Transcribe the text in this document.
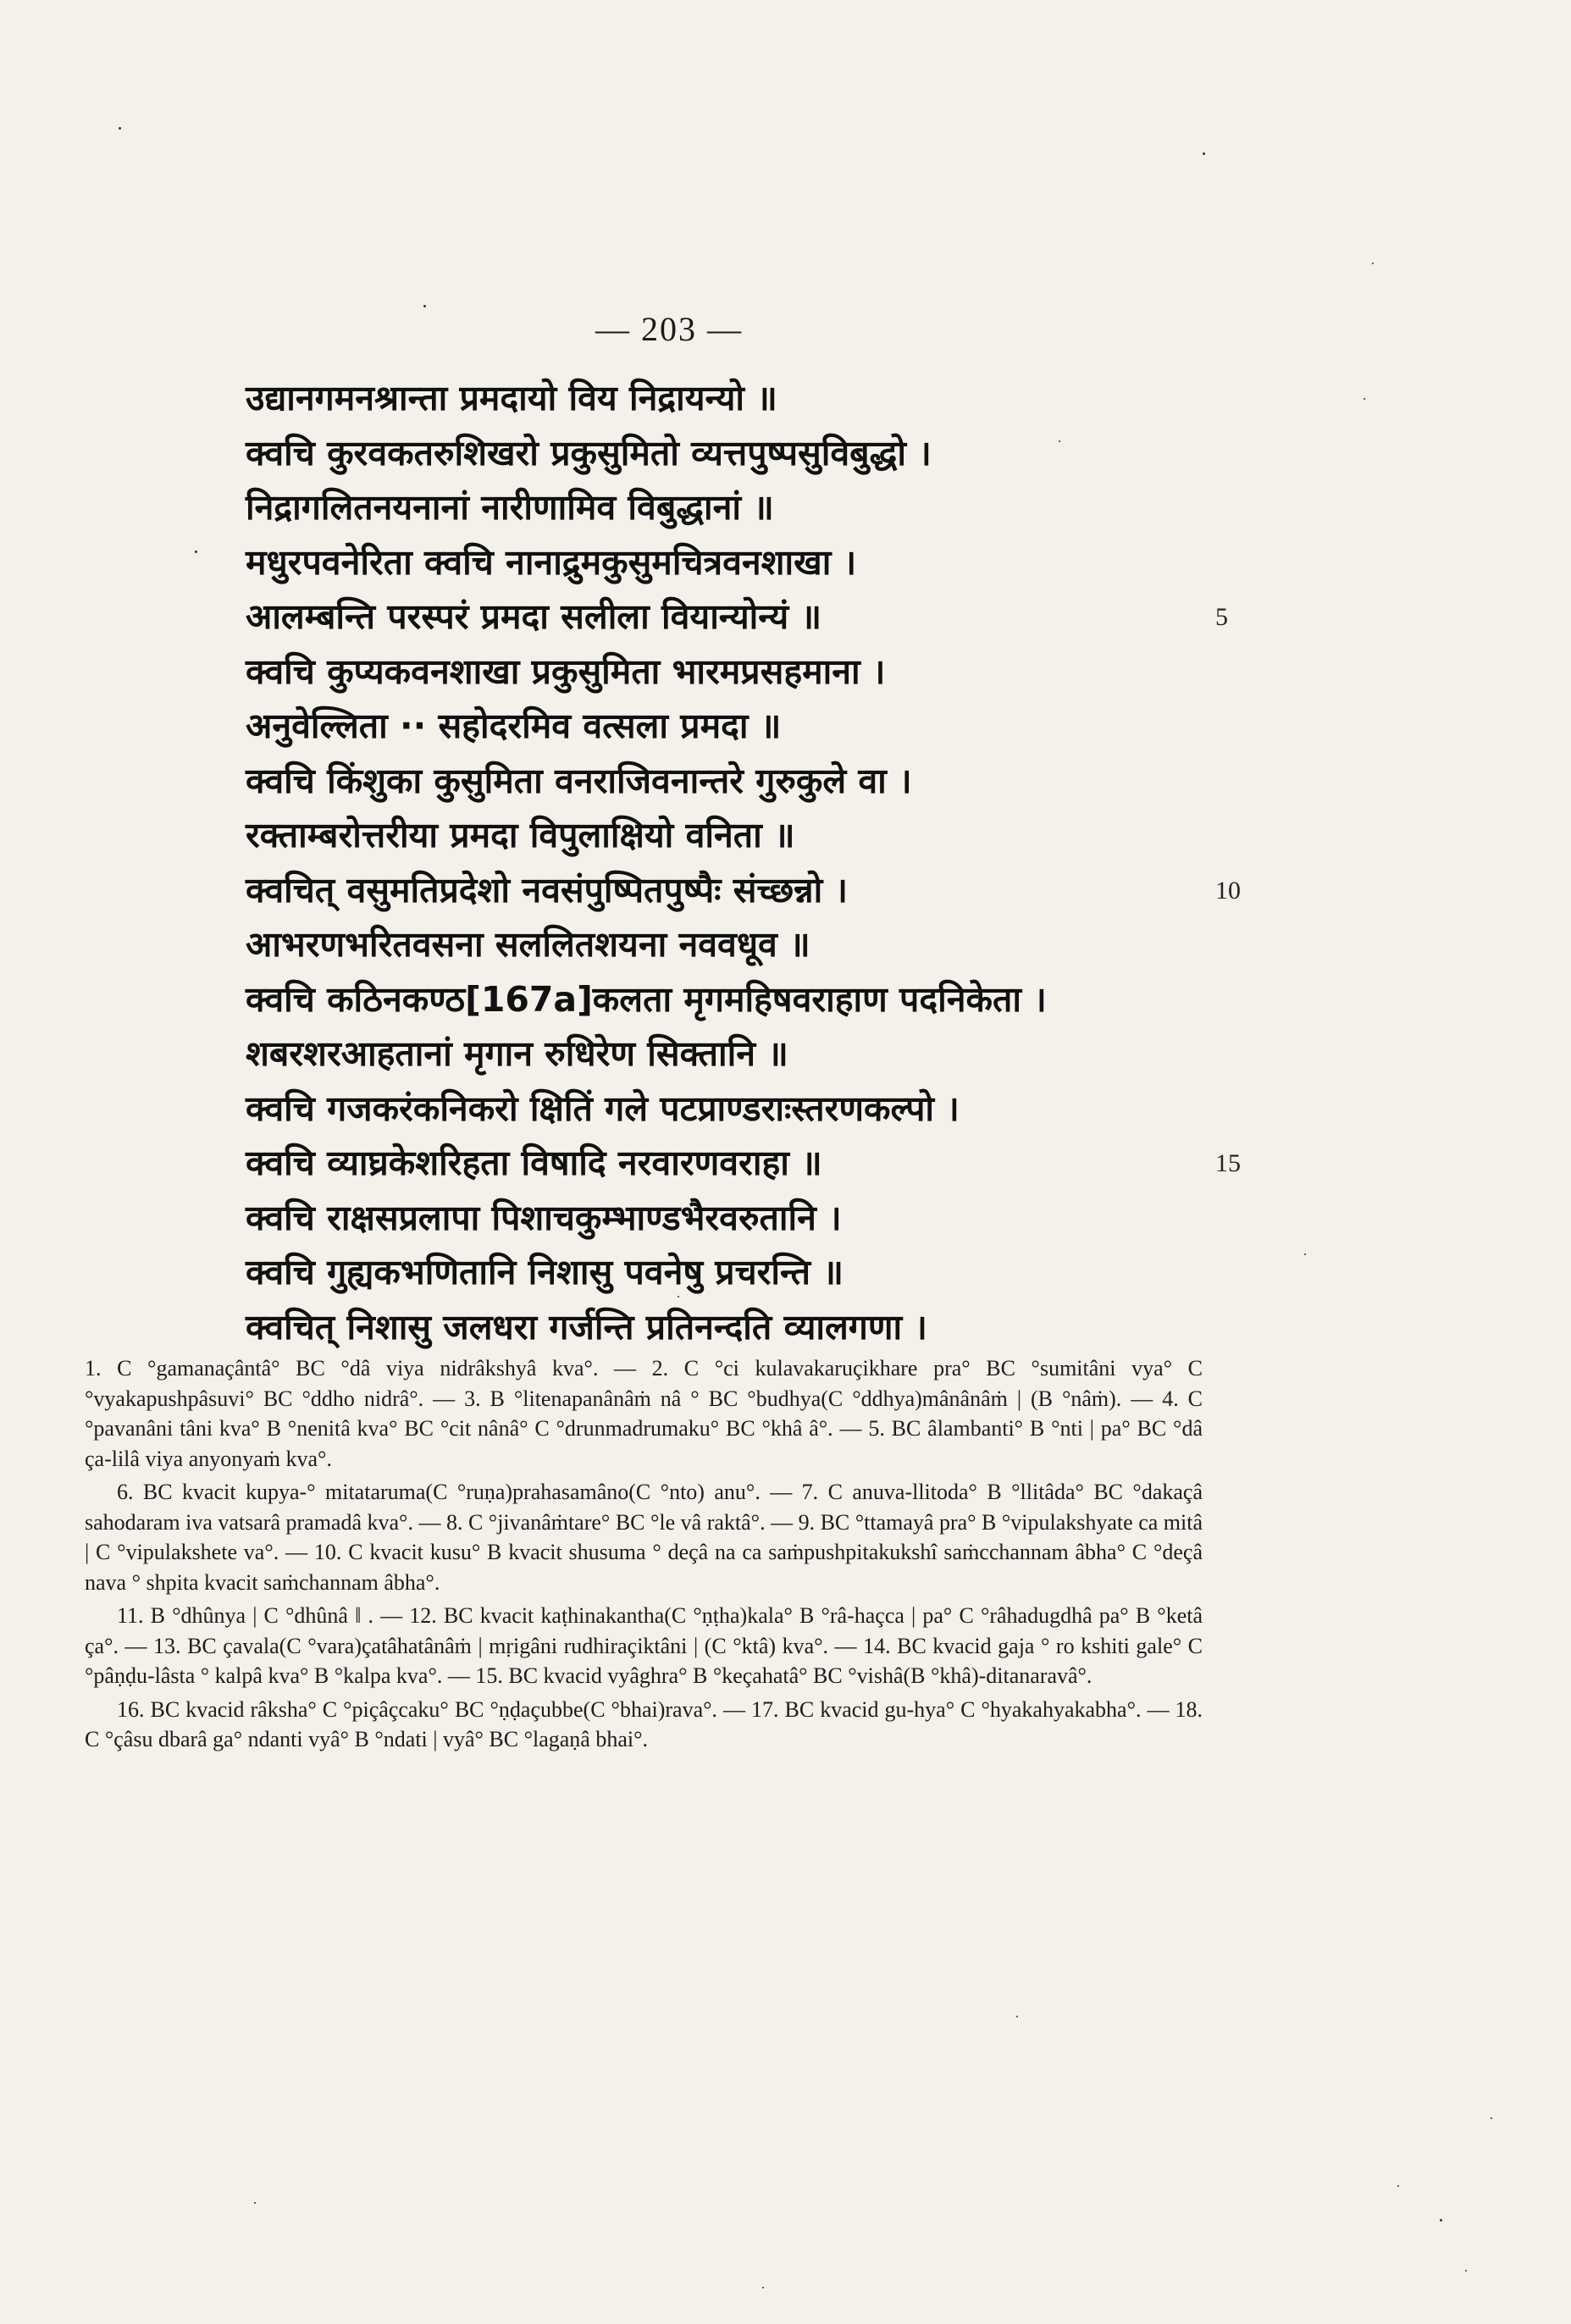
— 203 —
उद्यानगमनश्रान्ता प्रमदायो विय निद्रायन्यो ॥
क्वचि कुरवकतरुशिखरो प्रकुसुमितो व्यत्तपुष्पसुविबुद्धो ।
निद्रागलितनयनानां नारीणामिव विबुद्धानां ॥
मधुरपवनेरिता क्वचि नानाद्रुमकुसुमचित्रवनशाखा ।
आलम्बन्ति परस्परं प्रमदा सलीला वियान्योन्यं ॥
क्वचि कुप्यकवनशाखा प्रकुसुमिता भारमप्रसहमाना ।
अनुवेल्लिता ·· सहोदरमिव वत्सला प्रमदा ॥
क्वचि किंशुका कुसुमिता वनराजिवनान्तरे गुरुकुले वा ।
रक्ताम्बरोत्तरीया प्रमदा विपुलाक्षियो वनिता ॥
क्वचित् वसुमतिप्रदेशो नवसंपुष्पितपुष्पैः संच्छन्नो ।
आभरणभरितवसना सललितशयना नववधूव ॥
क्वचि कठिनकण्ठ[167a]कलता मृगमहिषवराहाण पदनिकेता ।
शबरशरआहतानां मृगान रुधिरेण सिक्तानि ॥
क्वचि गजकरंकनिकरो क्षितिं गले पटप्राण्डराःस्तरणकल्पो ।
क्वचि व्याघ्रकेशरिहता विषादि नरवारणवराहा ॥
क्वचि राक्षसप्रलापा पिशाचकुम्भाण्डभैरवरुतानि ।
क्वचि गुह्यकभणितानि निशासु पवनेषु प्रचरन्ति ॥
क्वचित् निशासु जलधरा गर्जन्ति प्रतिनन्दति व्यालगणा ।
5
10
15

1. C °gamanaçântâ° BC °dâ viya nidrâkshyâ kva°. — 2. C °ci kulavakaruçikhare pra° BC °sumitâni vya° C °vyakapushpâsuvi° BC °ddho nidrâ°. — 3. B °litenapanânâṁ nâ ° BC °budhya(C °ddhya)mânânâṁ | (B °nâṁ). — 4. C °pavanâni tâni kva° B °nenitâ kva° BC °cit nânâ° C °drunmadrumaku° BC °khâ â°. — 5. BC âlambanti° B °nti | pa° BC °dâ ça-lilâ viya anyonyaṁ kva°.

6. BC kvacit kupya-° mitataruma(C °ruṇa)prahasamâno(C °nto) anu°. — 7. C anuva-llitoda° B °llitâda° BC °dakaçâ sahodaram iva vatsarâ pramadâ kva°. — 8. C °jivanâṁtare° BC °le vâ raktâ°. — 9. BC °ttamayâ pra° B °vipulakshyate ca mitâ | C °vipulakshete va°. — 10. C kvacit kusu° B kvacit shusuma ° deçâ na ca saṁpushpitakukshî saṁcchannam âbha° C °deçâ nava ° shpita kvacit saṁchannam âbha°.

11. B °dhûnya | C °dhûnâ ‖ . — 12. BC kvacit kaṭhinakantha(C °ṇṭha)kala° B °râ-haçca | pa° C °râhadugdhâ pa° B °ketâ ça°. — 13. BC çavala(C °vara)çatâhatânâṁ | mṛigâni rudhiraçiktâni | (C °ktâ) kva°. — 14. BC kvacid gaja ° ro kshiti gale° C °pâṇḍu-lâsta ° kalpâ kva° B °kalpa kva°. — 15. BC kvacid vyâghra° B °keçahatâ° BC °vishâ(B °khâ)-ditanaravâ°.

16. BC kvacid râksha° C °piçâçcaku° BC °ṇḍaçubbe(C °bhai)rava°. — 17. BC kvacid gu-hya° C °hyakahyakabha°. — 18. C °çâsu dbarâ ga° ndanti vyâ° B °ndati | vyâ° BC °lagaṇâ bhai°.
